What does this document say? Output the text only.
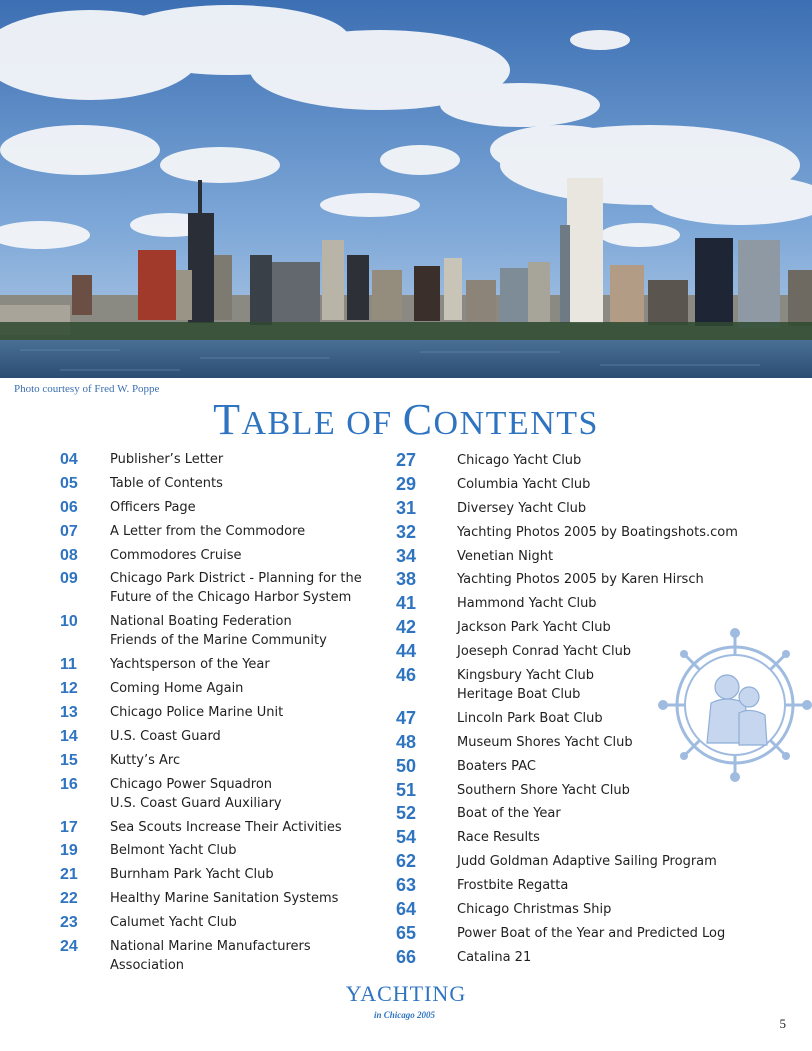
Photo courtesy of Fred W. Poppe
TABLE OF CONTENTS
04	Publisher’s Letter
05	Table of Contents
06	Officers Page
07	A Letter from the Commodore
08	Commodores Cruise
09	Chicago Park District - Planning for the
Future of the Chicago Harbor System
10	National Boating Federation
Friends of the Marine Community
11	Yachtsperson of the Year
12	Coming Home Again
13	Chicago Police Marine Unit
14	U.S. Coast Guard
15	Kutty’s Arc
16	Chicago Power Squadron
U.S. Coast Guard Auxiliary
17	Sea Scouts Increase Their Activities
19	Belmont Yacht Club
21	Burnham Park Yacht Club
22	Healthy Marine Sanitation Systems
23	Calumet Yacht Club
24	National Marine Manufacturers
Association
27	Chicago Yacht Club
29	Columbia Yacht Club
31	Diversey Yacht Club
32	Yachting Photos 2005 by Boatingshots.com
34	Venetian Night
38	Yachting Photos 2005 by Karen Hirsch
41	Hammond Yacht Club
42	Jackson Park Yacht Club
44	Joeseph Conrad Yacht Club
46	Kingsbury Yacht Club
Heritage Boat Club
47	Lincoln Park Boat Club
48	Museum Shores Yacht Club
50	Boaters PAC
51	Southern Shore Yacht Club
52	Boat of the Year
54	Race Results
62	Judd Goldman Adaptive Sailing Program
63	Frostbite Regatta
64	Chicago Christmas Ship
65	Power Boat of the Year and Predicted Log
66	Catalina 21
YACHTING
in Chicago 2005
5
